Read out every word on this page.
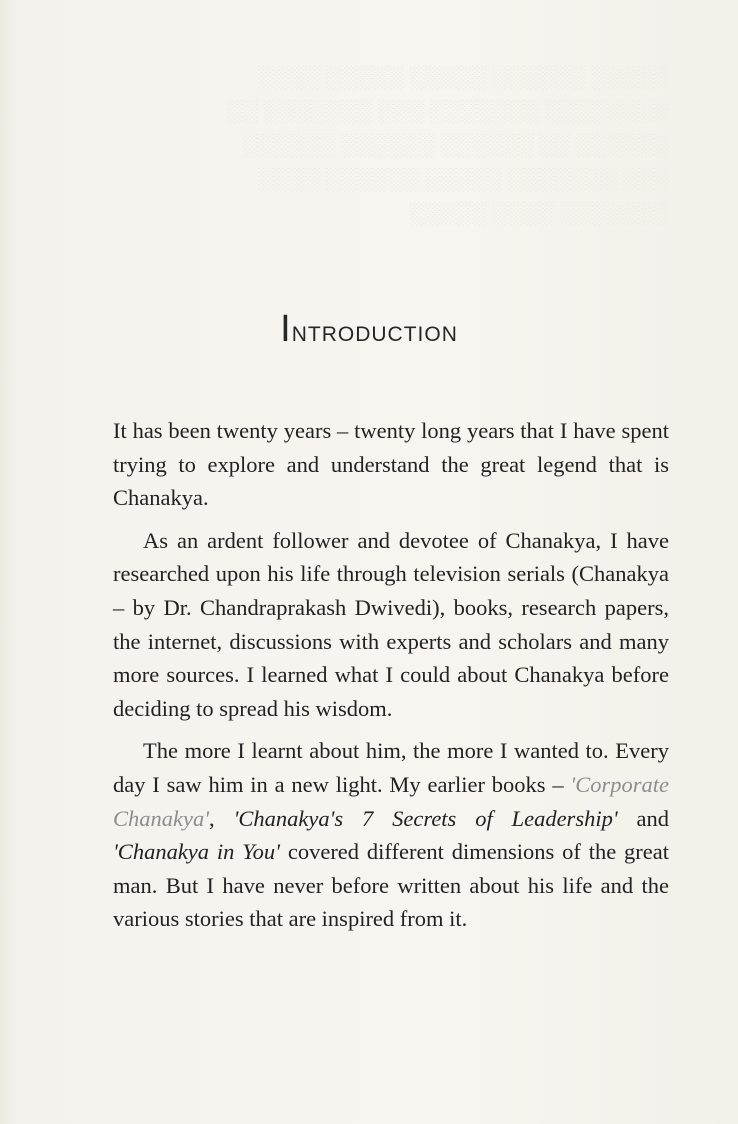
░░░░░ ░░░░░░ ░░░░░ ░░░░░ ░░░░
░░░░░░░░ ░░░░░░░ ░░░ ░░░░░░░ ░░
░░░░░░ ░░ ░░░░░░ ░░░░░░ ░░░░░░
░░░ ░░░░░░░ ░░░░░ ░░░░░░ ░░░░
░░░░░░░ ░░░░ ░░░░░
Introduction

It has been twenty years – twenty long years that I have spent trying to explore and understand the great legend that is Chanakya.

As an ardent follower and devotee of Chanakya, I have researched upon his life through television serials (Chanakya – by Dr. Chandraprakash Dwivedi), books, research papers, the internet, discussions with experts and scholars and many more sources. I learned what I could about Chanakya before deciding to spread his wisdom.

The more I learnt about him, the more I wanted to. Every day I saw him in a new light. My earlier books – 'Corporate Chanakya', 'Chanakya's 7 Secrets of Leadership' and 'Chanakya in You' covered different dimensions of the great man. But I have never before written about his life and the various stories that are inspired from it.
